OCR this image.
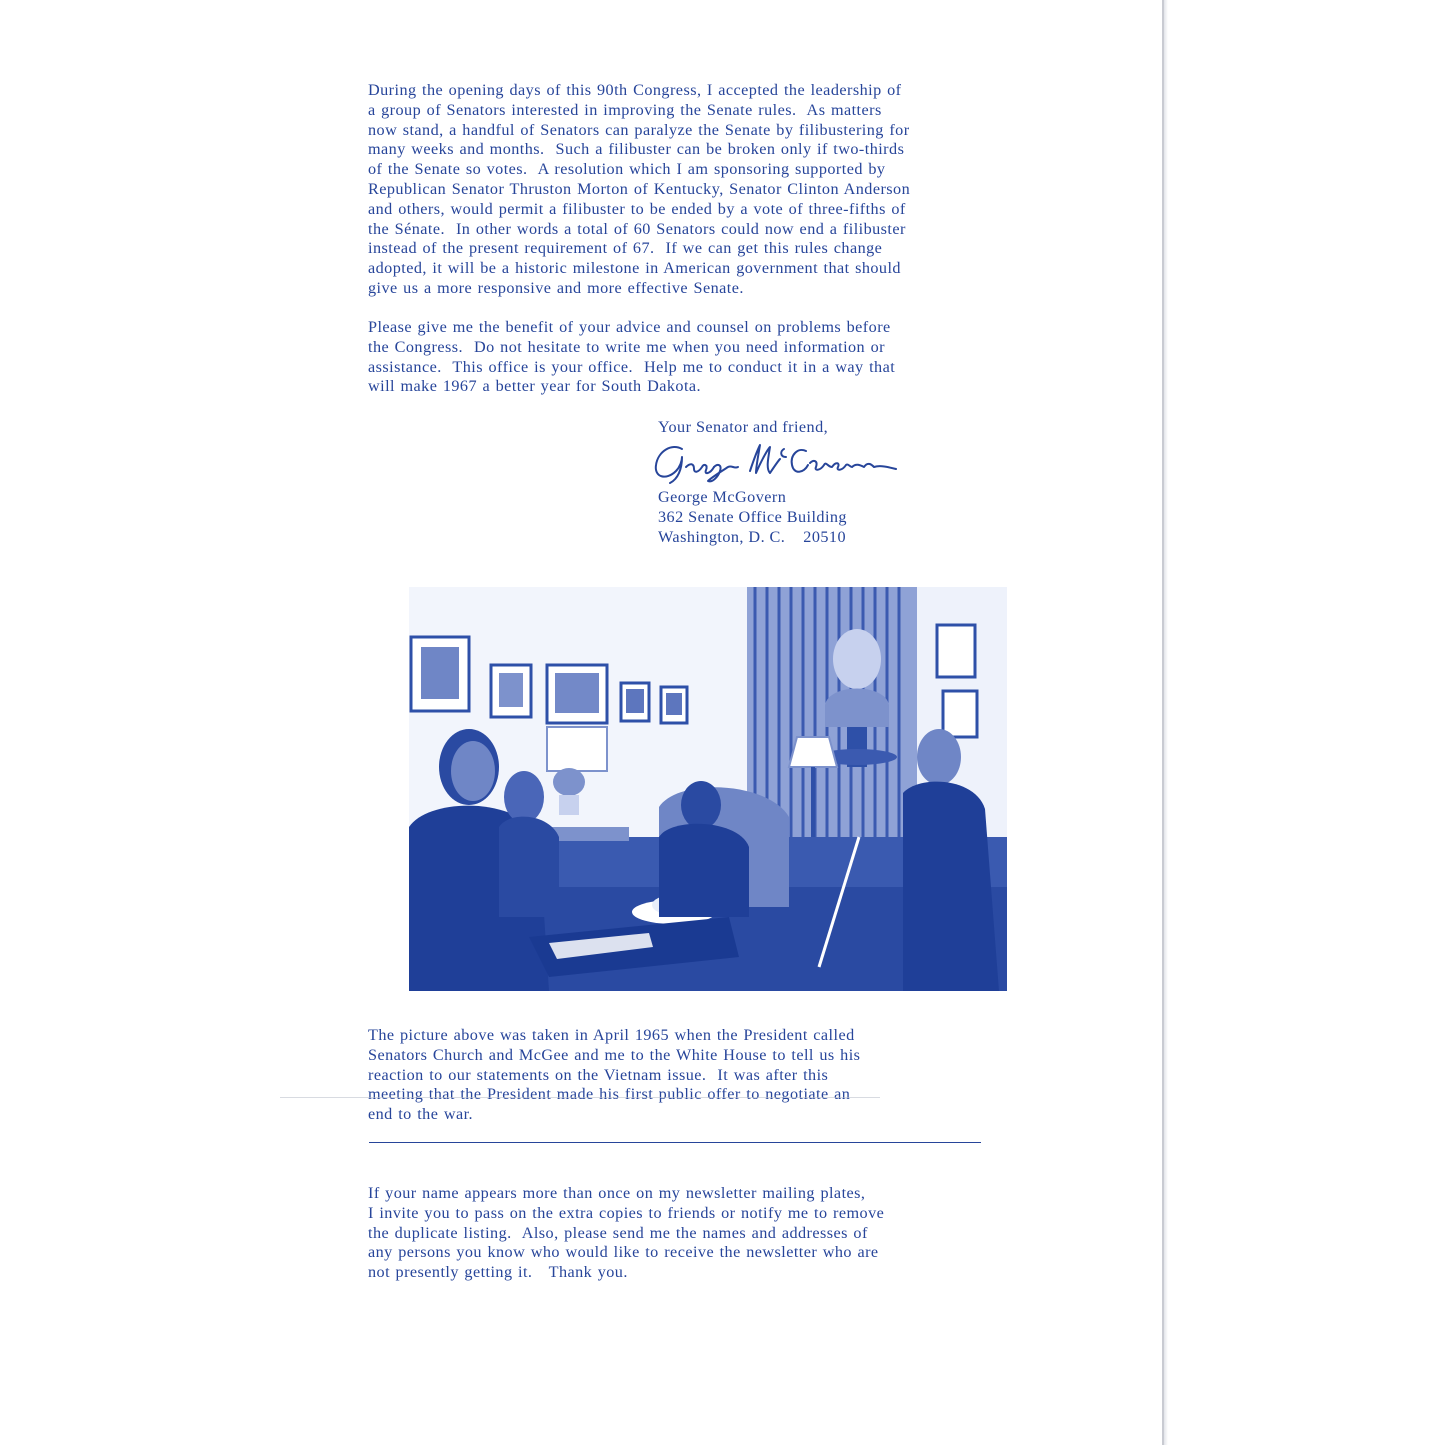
During the opening days of this 90th Congress, I accepted the leadership of

a group of Senators interested in improving the Senate rules.  As matters

now stand, a handful of Senators can paralyze the Senate by filibustering for

many weeks and months.  Such a filibuster can be broken only if two-thirds

of the Senate so votes.  A resolution which I am sponsoring supported by

Republican Senator Thruston Morton of Kentucky, Senator Clinton Anderson

and others, would permit a filibuster to be ended by a vote of three-fifths of

the Sénate.  In other words a total of 60 Senators could now end a filibuster

instead of the present requirement of 67.  If we can get this rules change

adopted, it will be a historic milestone in American government that should

give us a more responsive and more effective Senate.

Please give me the benefit of your advice and counsel on problems before

the Congress.  Do not hesitate to write me when you need information or

assistance.  This office is your office.  Help me to conduct it in a way that

will make 1967 a better year for South Dakota.

Your Senator and friend,

George McGovern
362 Senate Office Building
Washington, D. C.    20510

The picture above was taken in April 1965 when the President called

Senators Church and McGee and me to the White House to tell us his

reaction to our statements on the Vietnam issue.  It was after this

meeting that the President made his first public offer to negotiate an

end to the war.

If your name appears more than once on my newsletter mailing plates,

I invite you to pass on the extra copies to friends or notify me to remove

the duplicate listing.  Also, please send me the names and addresses of

any persons you know who would like to receive the newsletter who are

not presently getting it.   Thank you.
